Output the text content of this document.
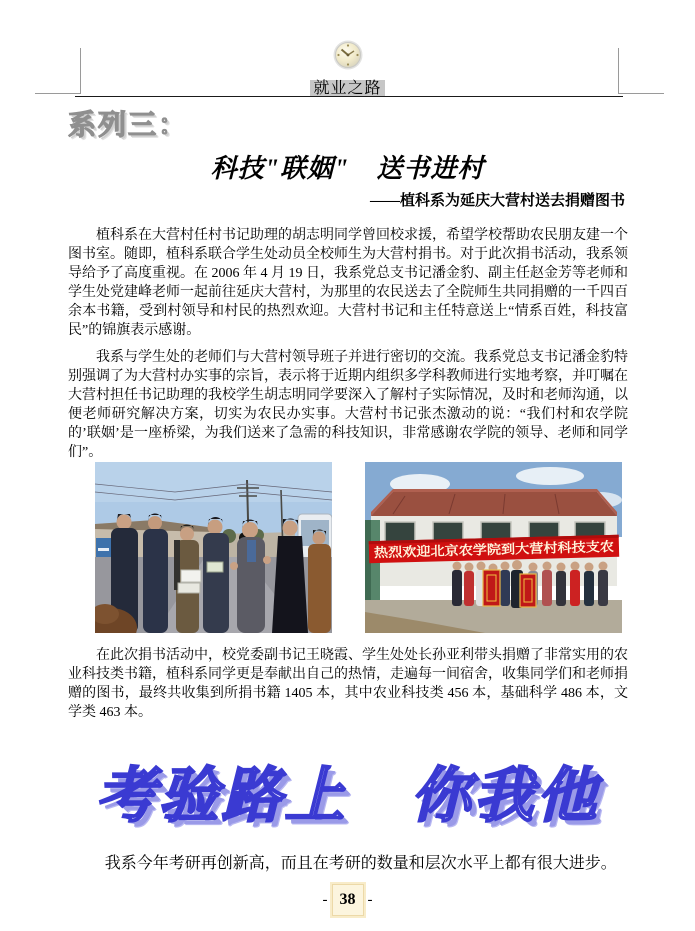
就业之路
系列三：
科技"联姻"　送书进村
——植科系为延庆大营村送去捐赠图书

植科系在大营村任村书记助理的胡志明同学曾回校求援，希望学校帮助农民朋友建一个图书室。随即，植科系联合学生处动员全校师生为大营村捐书。对于此次捐书活动，我系领导给予了高度重视。在 2006 年 4 月 19 日，我系党总支书记潘金豹、副主任赵金芳等老师和学生处党建峰老师一起前往延庆大营村，为那里的农民送去了全院师生共同捐赠的一千四百余本书籍，受到村领导和村民的热烈欢迎。大营村书记和主任特意送上“情系百姓，科技富民”的锦旗表示感谢。

我系与学生处的老师们与大营村领导班子并进行密切的交流。我系党总支书记潘金豹特别强调了为大营村办实事的宗旨，表示将于近期内组织多学科教师进行实地考察，并叮嘱在大营村担任书记助理的我校学生胡志明同学要深入了解村子实际情况，及时和老师沟通，以便老师研究解决方案，切实为农民办实事。大营村书记张杰激动的说：“我们村和农学院的’联姻’是一座桥梁，为我们送来了急需的科技知识，非常感谢农学院的领导、老师和同学们”。

热烈欢迎北京农学院到大营村科技支农

在此次捐书活动中，校党委副书记王晓霞、学生处处长孙亚利带头捐赠了非常实用的农业科技类书籍，植科系同学更是奉献出自己的热情，走遍每一间宿舍，收集同学们和老师捐赠的图书，最终共收集到所捐书籍 1405 本，其中农业科技类 456 本，基础科学 486 本，文学类 463 本。

考验路上　你我他

我系今年考研再创新高，而且在考研的数量和层次水平上都有很大进步。

- 38 -
